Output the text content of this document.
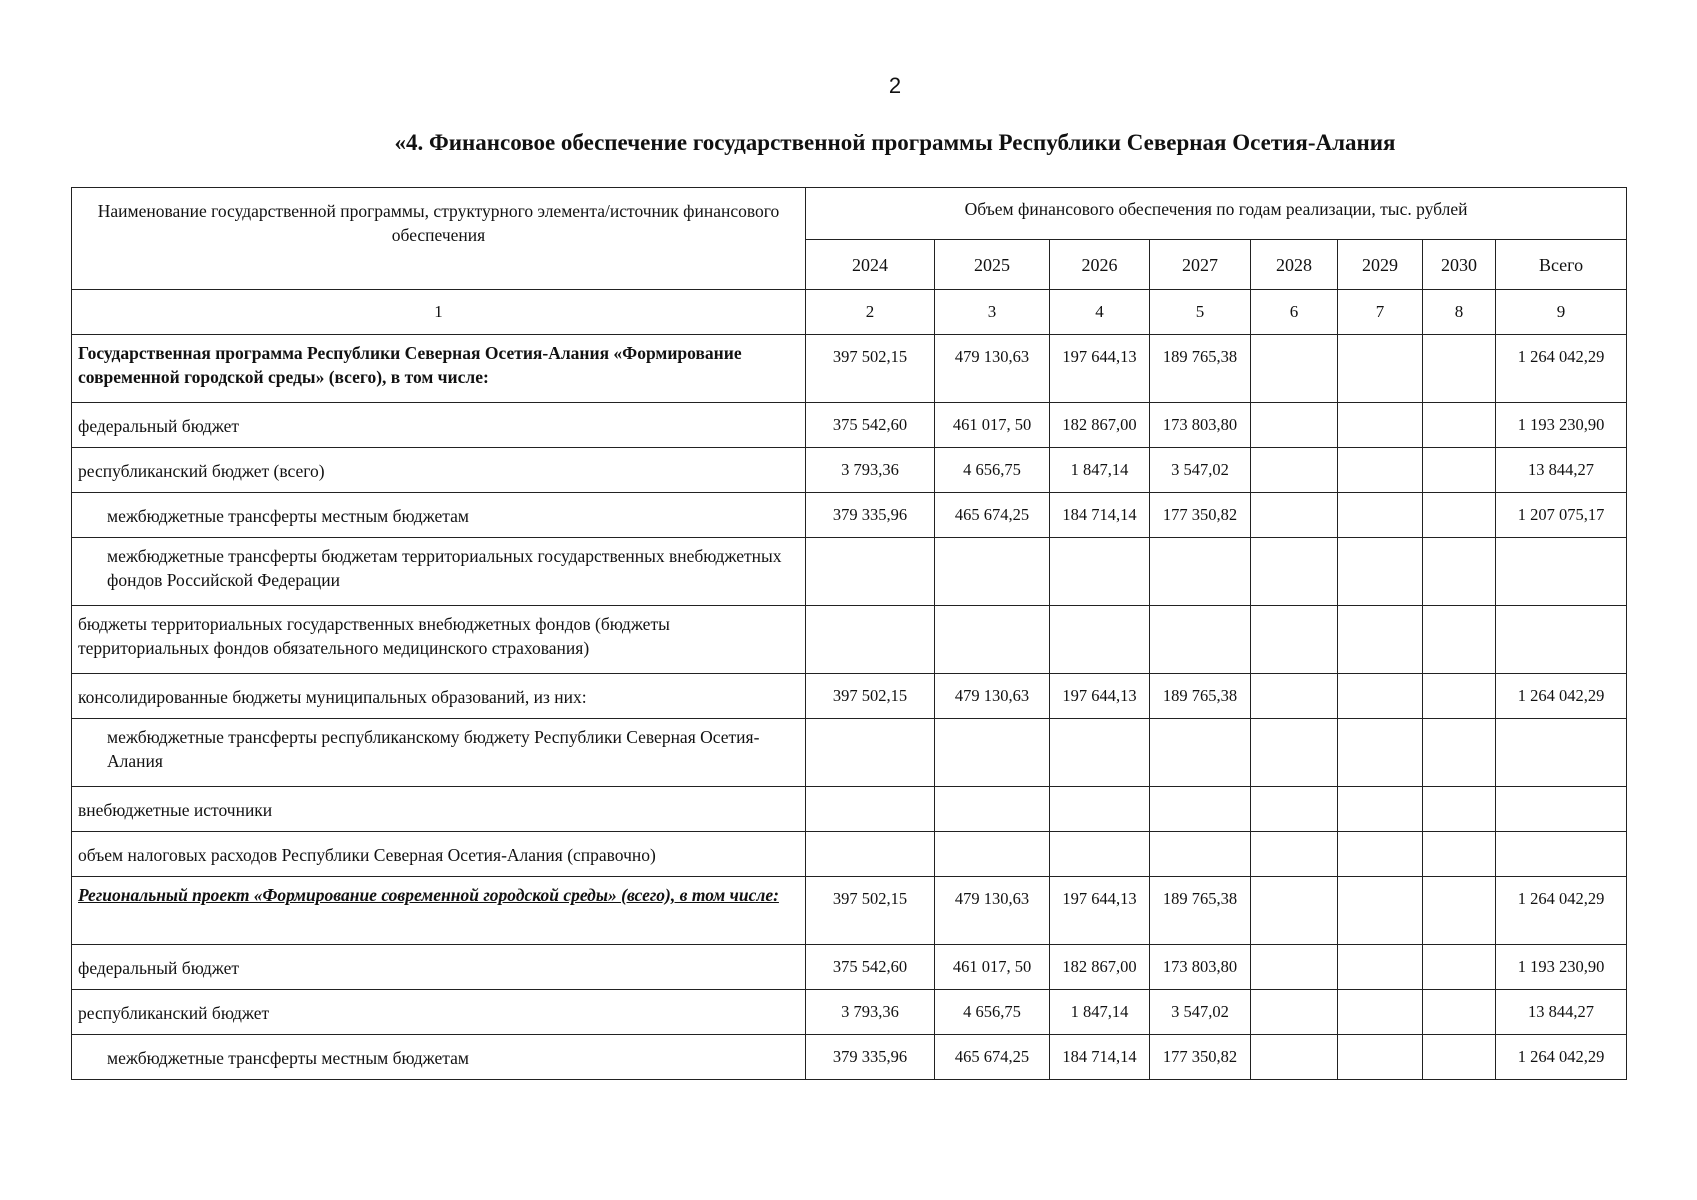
2
«4. Финансовое обеспечение государственной программы Республики Северная Осетия-Алания
Наименование государственной программы, структурного элемента/источник финансового обеспечения	Объем финансового обеспечения по годам реализации, тыс. рублей							
	2024	2025	2026	2027	2028	2029	2030	Всего
1	2	3	4	5	6	7	8	9
Государственная программа Республики Северная Осетия-Алания «Формирование современной городской среды» (всего), в том числе:	397 502,15	479 130,63	197 644,13	189 765,38				1 264 042,29
федеральный бюджет	375 542,60	461 017, 50	182 867,00	173 803,80				1 193 230,90
республиканский бюджет (всего)	3 793,36	4 656,75	1 847,14	3 547,02				13 844,27
межбюджетные трансферты местным бюджетам	379 335,96	465 674,25	184 714,14	177 350,82				1 207 075,17
межбюджетные трансферты бюджетам территориальных государственных внебюджетных фондов Российской Федерации								
бюджеты территориальных государственных внебюджетных фондов (бюджеты территориальных фондов обязательного медицинского страхования)								
консолидированные бюджеты муниципальных образований, из них:	397 502,15	479 130,63	197 644,13	189 765,38				1 264 042,29
межбюджетные трансферты республиканскому бюджету Республики Северная Осетия-Алания								
внебюджетные источники								
объем налоговых расходов Республики Северная Осетия-Алания (справочно)								
Региональный проект «Формирование современной городской среды» (всего), в том числе:	397 502,15	479 130,63	197 644,13	189 765,38				1 264 042,29
федеральный бюджет	375 542,60	461 017, 50	182 867,00	173 803,80				1 193 230,90
республиканский бюджет	3 793,36	4 656,75	1 847,14	3 547,02				13 844,27
межбюджетные трансферты местным бюджетам	379 335,96	465 674,25	184 714,14	177 350,82				1 264 042,29
